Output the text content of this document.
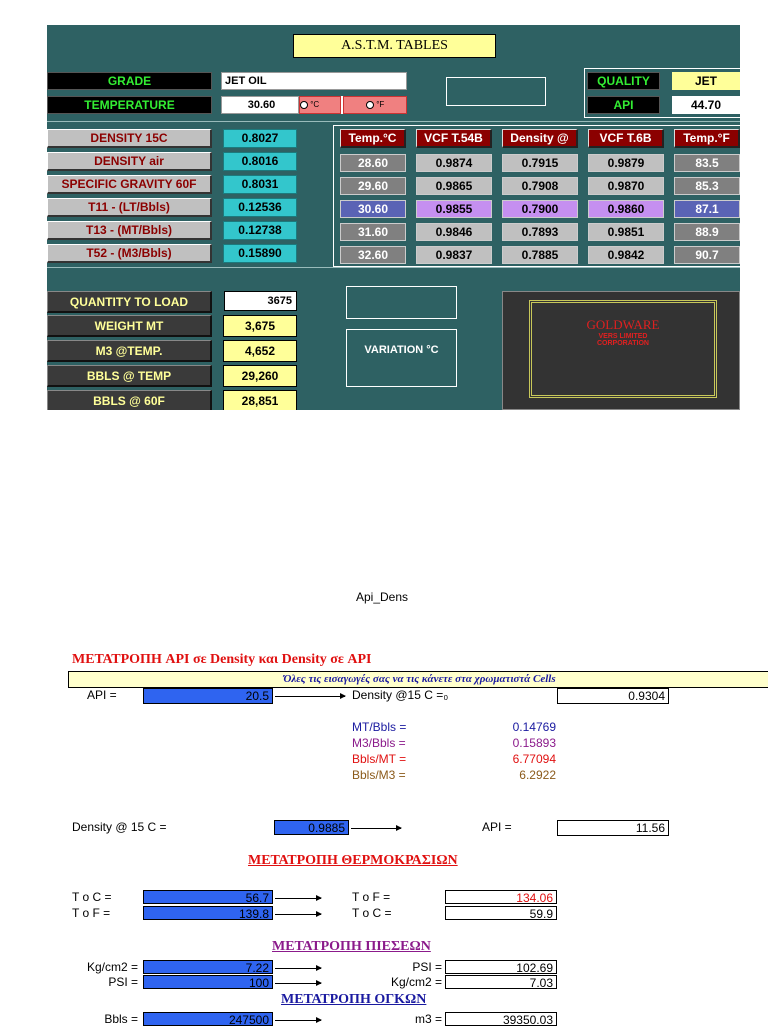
A.S.T.M. TABLES
GRADE	JET OIL
TEMPERATURE	30.60	°C	°F
QUALITY	JET
API	44.70
DENSITY 15C	0.8027
DENSITY air	0.8016
SPECIFIC GRAVITY 60F	0.8031
T11 - (LT/Bbls)	0.12536
T13 - (MT/Bbls)	0.12738
T52 - (M3/Bbls)	0.15890
Temp.°C	VCF T.54B	Density @	VCF T.6B	Temp.°F
28.60	0.9874	0.7915	0.9879	83.5
29.60	0.9865	0.7908	0.9870	85.3
30.60	0.9855	0.7900	0.9860	87.1
31.60	0.9846	0.7893	0.9851	88.9
32.60	0.9837	0.7885	0.9842	90.7
QUANTITY TO LOAD	3675
WEIGHT MT	3,675
M3 @TEMP.	4,652
BBLS @ TEMP	29,260
BBLS @ 60F	28,851
VARIATION °C
GOLDWARE
VERS LIMITED
CORPORATION
Api_Dens
ΜΕΤΑΤΡΟΠΗ API σε Density και Density σε API
Όλες τις εισαγωγές σας να τις κάνετε στα χρωματιστά Cells
API =	20.5	Density @15 C =₀	0.9304
MT/Bbls =	0.14769
M3/Bbls =	0.15893
Bbls/MT =	6.77094
Bbls/M3 =	6.2922
Density @ 15 C =	0.9885	API =	11.56
ΜΕΤΑΤΡΟΠΗ ΘΕΡΜΟΚΡΑΣΙΩΝ
T o C =	56.7	T o F =	134.06
T o F =	139.8	T o C =	59.9
ΜΕΤΑΤΡΟΠΗ ΠΙΕΣΕΩΝ
Kg/cm2 =	7.22	PSI =	102.69
PSI =	100	Kg/cm2 =	7.03
ΜΕΤΑΤΡΟΠΗ ΟΓΚΩΝ
Bbls =	247500	m3 =	39350.03
